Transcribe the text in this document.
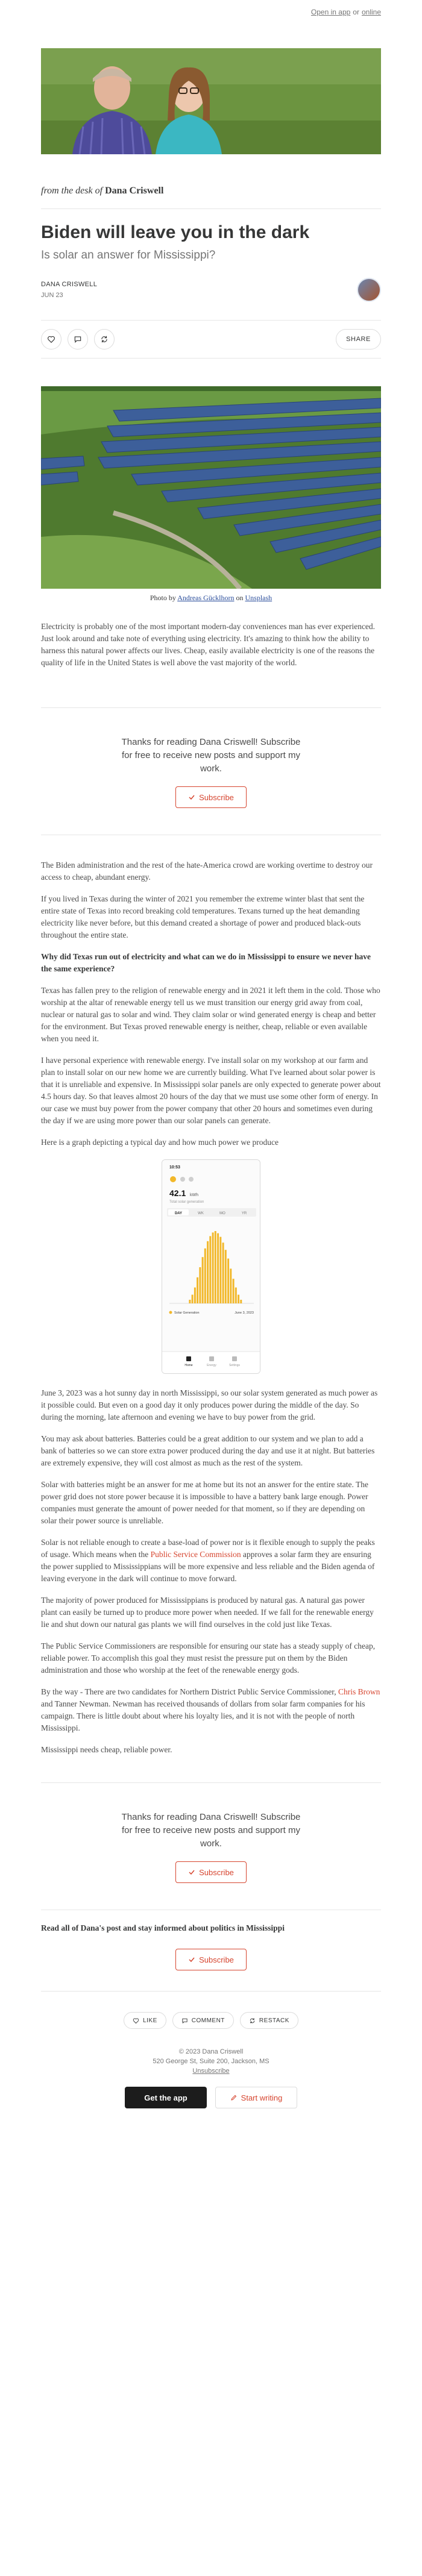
Open in app or online
from the desk of Dana Criswell
Biden will leave you in the dark
Is solar an answer for Mississippi?
DANA CRISWELL
JUN 23
SHARE
Photo by Andreas Gücklhorn on Unsplash

Electricity is probably one of the most important modern-day conveniences man has ever experienced. Just look around and take note of everything using electricity. It's amazing to think how the ability to harness this natural power affects our lives. Cheap, easily available electricity is one of the reasons the quality of life in the United States is well above the vast majority of the world.

Thanks for reading Dana Criswell! Subscribe for free to receive new posts and support my work.
Subscribe

The Biden administration and the rest of the hate-America crowd are working overtime to destroy our access to cheap, abundant energy.

If you lived in Texas during the winter of 2021 you remember the extreme winter blast that sent the entire state of Texas into record breaking cold temperatures. Texans turned up the heat demanding electricity like never before, but this demand created a shortage of power and produced black-outs throughout the entire state.

Why did Texas run out of electricity and what can we do in Mississippi to ensure we never have the same experience?

Texas has fallen prey to the religion of renewable energy and in 2021 it left them in the cold. Those who worship at the altar of renewable energy tell us we must transition our energy grid away from coal, nuclear or natural gas to solar and wind. They claim solar or wind generated energy is cheap and better for the environment. But Texas proved renewable energy is neither, cheap, reliable or even available when you need it.

I have personal experience with renewable energy. I've install solar on my workshop at our farm and plan to install solar on our new home we are currently building. What I've learned about solar power is that it is unreliable and expensive. In Mississippi solar panels are only expected to generate power about 4.5 hours day. So that leaves almost 20 hours of the day that we must use some other form of energy. In our case we must buy power from the power company that other 20 hours and sometimes even during the day if we are using more power than our solar panels can generate.

Here is a graph depicting a typical day and how much power we produce

10:53
42.1 kWh
Total solar generation
DAY	WK	MO	YR
Solar Generation	June 3, 2023
Home	Energy	Settings

June 3, 2023 was a hot sunny day in north Mississippi, so our solar system generated as much power as it possible could. But even on a good day it only produces power during the middle of the day. So during the morning, late afternoon and evening we have to buy power from the grid.

You may ask about batteries. Batteries could be a great addition to our system and we plan to add a bank of batteries so we can store extra power produced during the day and use it at night. But batteries are extremely expensive, they will cost almost as much as the rest of the system.

Solar with batteries might be an answer for me at home but its not an answer for the entire state. The power grid does not store power because it is impossible to have a battery bank large enough. Power companies must generate the amount of power needed for that moment, so if they are depending on solar their power source is unreliable.

Solar is not reliable enough to create a base-load of power nor is it flexible enough to supply the peaks of usage. Which means when the Public Service Commission approves a solar farm they are ensuring the power supplied to Mississippians will be more expensive and less reliable and the Biden agenda of leaving everyone in the dark will continue to move forward.

The majority of power produced for Mississippians is produced by natural gas. A natural gas power plant can easily be turned up to produce more power when needed. If we fall for the renewable energy lie and shut down our natural gas plants we will find ourselves in the cold just like Texas.

The Public Service Commissioners are responsible for ensuring our state has a steady supply of cheap, reliable power. To accomplish this goal they must resist the pressure put on them by the Biden administration and those who worship at the feet of the renewable energy gods.

By the way - There are two candidates for Northern District Public Service Commissioner, Chris Brown and Tanner Newman. Newman has received thousands of dollars from solar farm companies for his campaign. There is little doubt about where his loyalty lies, and it is not with the people of north Mississippi.

Mississippi needs cheap, reliable power.

Thanks for reading Dana Criswell! Subscribe for free to receive new posts and support my work.
Subscribe

Read all of Dana's post and stay informed about politics in Mississippi

Subscribe
LIKE	COMMENT	RESTACK
© 2023 Dana Criswell
520 George St, Suite 200, Jackson, MS
Unsubscribe
Get the app	Start writing
